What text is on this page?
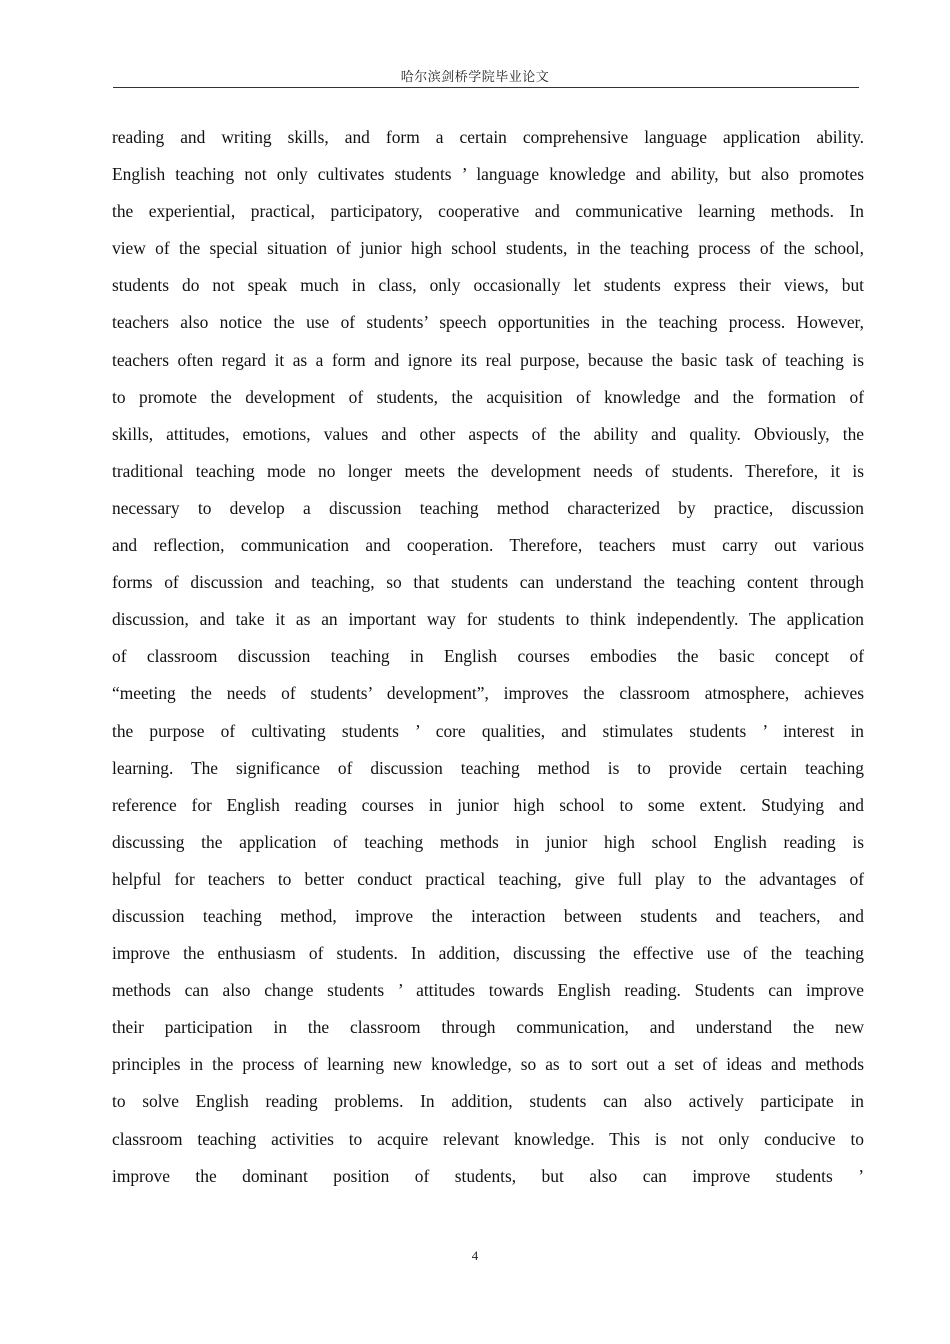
哈尔滨剑桥学院毕业论文
reading and writing skills, and form a certain comprehensive language application ability.
English teaching not only cultivates students ’ language knowledge and ability, but also promotes
the experiential, practical, participatory, cooperative and communicative learning methods. In
view of the special situation of junior high school students, in the teaching process of the school,
students do not speak much in class, only occasionally let students express their views, but
teachers also notice the use of students’ speech opportunities in the teaching process. However,
teachers often regard it as a form and ignore its real purpose, because the basic task of teaching is
to promote the development of students, the acquisition of knowledge and the formation of
skills, attitudes, emotions, values and other aspects of the ability and quality. Obviously, the
traditional teaching mode no longer meets the development needs of students. Therefore, it is
necessary to develop a discussion teaching method characterized by practice, discussion
and reflection, communication and cooperation. Therefore, teachers must carry out various
forms of discussion and teaching, so that students can understand the teaching content through
discussion, and take it as an important way for students to think independently. The application
of classroom discussion teaching in English courses embodies the basic concept of
“meeting the needs of students’ development”, improves the classroom atmosphere, achieves
the purpose of cultivating students ’ core qualities, and stimulates students ’ interest in
learning. The significance of discussion teaching method is to provide certain teaching
reference for English reading courses in junior high school to some extent. Studying and
discussing the application of teaching methods in junior high school English reading is
helpful for teachers to better conduct practical teaching, give full play to the advantages of
discussion teaching method, improve the interaction between students and teachers, and
improve the enthusiasm of students. In addition, discussing the effective use of the teaching
methods can also change students ’ attitudes towards English reading. Students can improve
their participation in the classroom through communication, and understand the new
principles in the process of learning new knowledge, so as to sort out a set of ideas and methods
to solve English reading problems. In addition, students can also actively participate in
classroom teaching activities to acquire relevant knowledge. This is not only conducive to
improve the dominant position of students, but also can improve students ’
4
